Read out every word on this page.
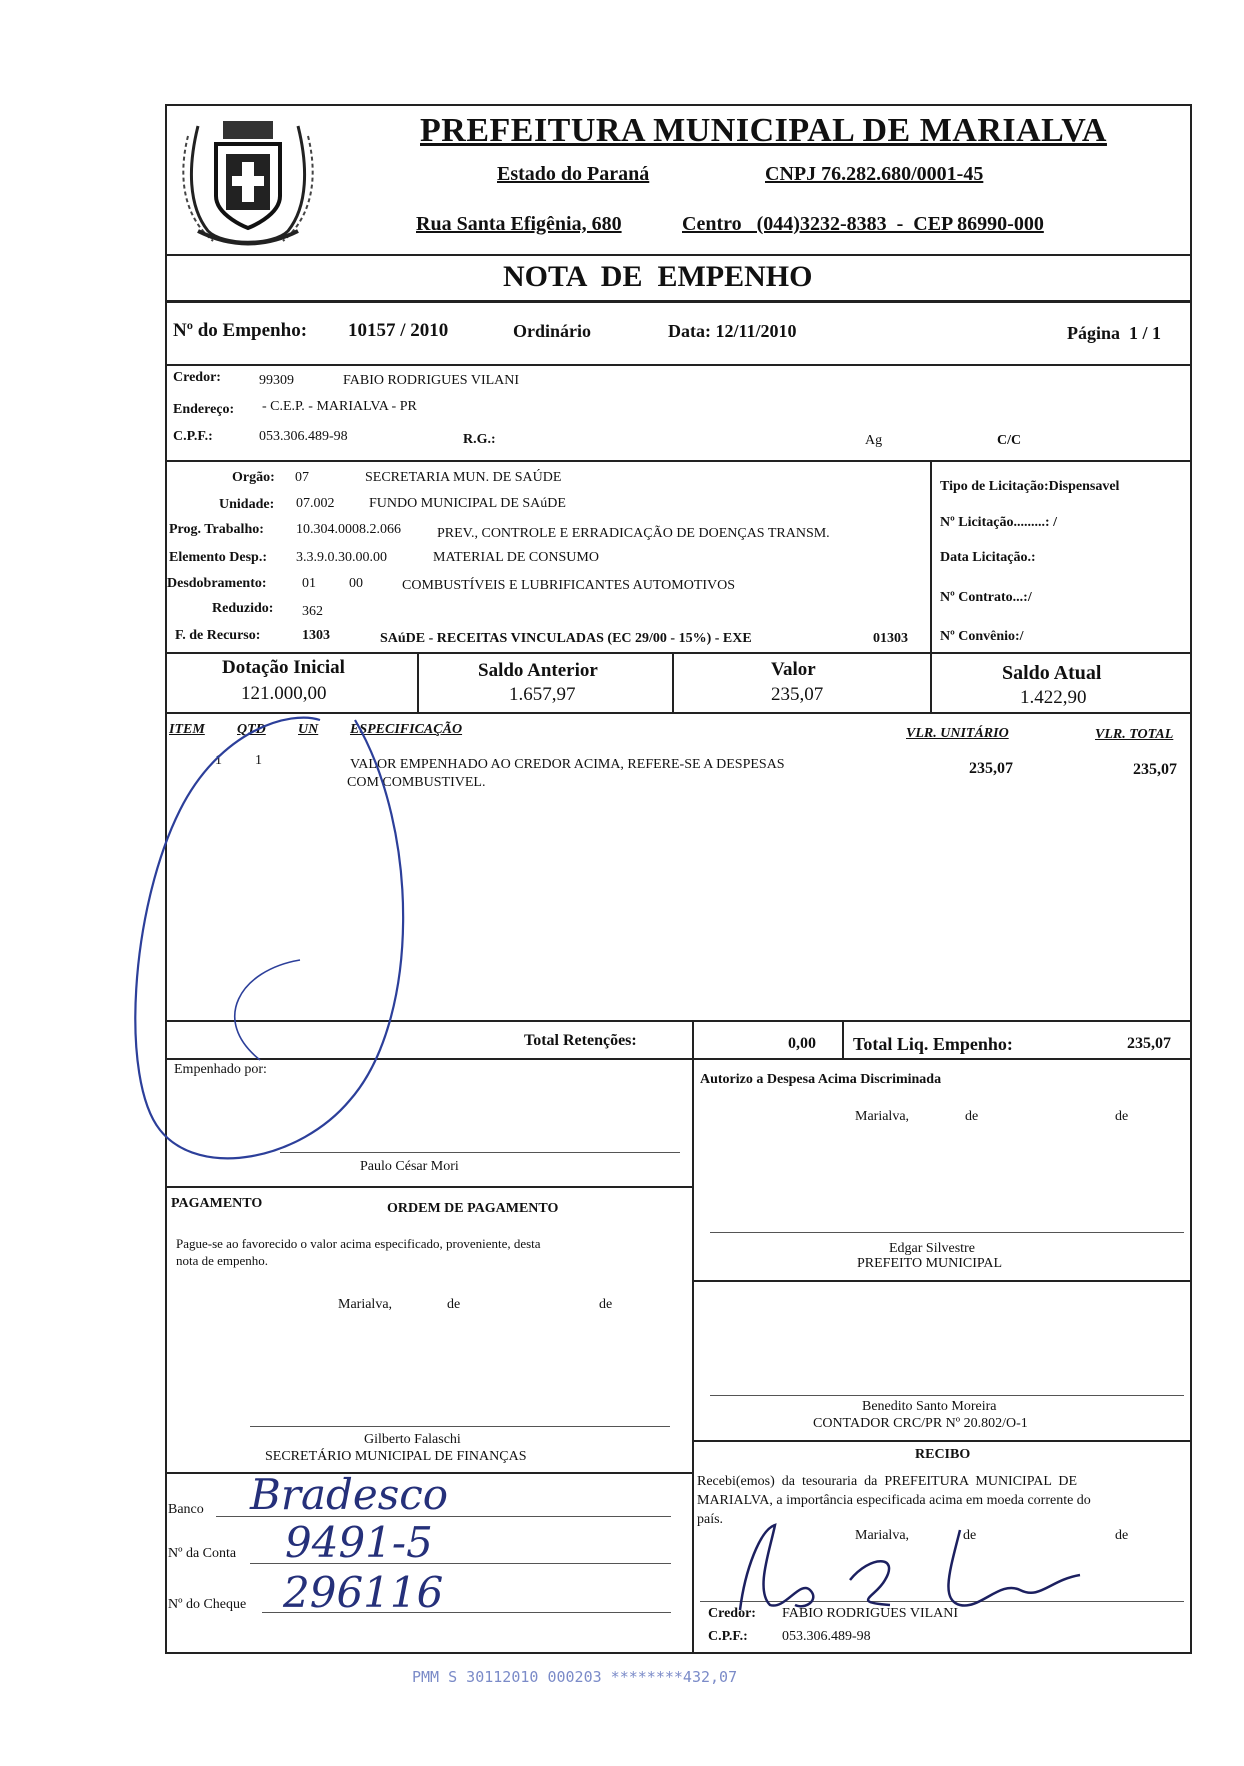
PREFEITURA MUNICIPAL DE MARIALVA
Estado do Paraná	CNPJ 76.282.680/0001-45
Rua Santa Efigênia, 680	Centro   (044)3232-8383  -  CEP 86990-000
NOTA  DE  EMPENHO
Nº do Empenho: 10157 / 2010	Ordinário	Data: 12/11/2010	Página  1 / 1
Credor:	99309	FABIO RODRIGUES VILANI
Endereço: - C.E.P. - MARIALVA - PR
C.P.F.:	053.306.489-98	R.G.:	Ag	C/C
Orgão: 07	SECRETARIA MUN. DE SAÚDE
Unidade: 07.002 FUNDO MUNICIPAL DE SAúDE
Prog. Trabalho: 10.304.0008.2.066	PREV., CONTROLE E ERRADICAÇÃO DE DOENÇAS TRANSM.
Elemento Desp.: 3.3.9.0.30.00.00	MATERIAL DE CONSUMO
Desdobramento:	01 00	COMBUSTÍVEIS E LUBRIFICANTES AUTOMOTIVOS
Reduzido: 362
F. de Recurso:	1303	SAúDE - RECEITAS VINCULADAS (EC 29/00 - 15%) - EXE	01303
Tipo de Licitação:Dispensavel
Nº Licitação.........: /
Data Licitação.:
Nº Contrato...:/
Nº Convênio:/
Dotação Inicial
121.000,00
Saldo Anterior
1.657,97
Valor
235,07
Saldo Atual
1.422,90
ITEM QTD UN ESPECIFICAÇÃO	VLR. UNITÁRIO	VLR. TOTAL
1 1	VALOR EMPENHADO AO CREDOR ACIMA, REFERE-SE A DESPESAS
COM COMBUSTIVEL.
235,07	235,07
Total Retenções:	0,00 Total Liq. Empenho:	235,07
Empenhado por:
Paulo César Mori
Autorizo a Despesa Acima Discriminada
Marialva,	de	de
Edgar Silvestre
PREFEITO MUNICIPAL
Benedito Santo Moreira
CONTADOR CRC/PR Nº 20.802/O-1
PAGAMENTO	ORDEM DE PAGAMENTO
Pague-se ao favorecido o valor acima especificado, proveniente, desta
nota de empenho.
Marialva,	de	de
Gilberto Falaschi
SECRETÁRIO MUNICIPAL DE FINANÇAS
Banco Bradesco
Nº da Conta 9491-5
Nº do Cheque 296116
RECIBO
Recebi(emos)  da  tesouraria  da  PREFEITURA  MUNICIPAL  DE
MARIALVA, a importância especificada acima em moeda corrente do
país.
Marialva,	de	de
Credor: FABIO RODRIGUES VILANI
C.P.F.: 053.306.489-98
PMM S 30112010 000203 ********432,07
